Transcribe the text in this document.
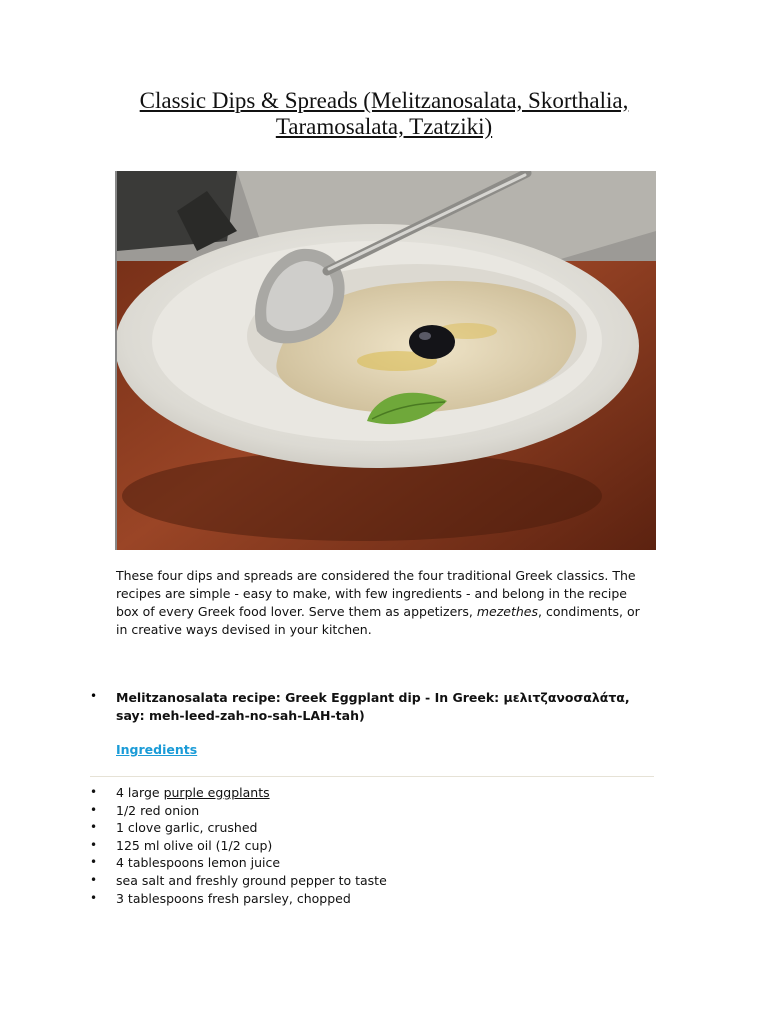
Classic Dips & Spreads (Melitzanosalata, Skorthalia, Taramosalata, Tzatziki)
These four dips and spreads are considered the four traditional Greek classics. The recipes are simple - easy to make, with few ingredients - and belong in the recipe box of every Greek food lover. Serve them as appetizers, mezethes, condiments, or in creative ways devised in your kitchen.
• Melitzanosalata recipe: Greek Eggplant dip - In Greek: μελιτζανοσαλάτα, say: meh-leed-zah-no-sah-LAH-tah)
Ingredients
• 4 large purple eggplants
• 1/2 red onion
• 1 clove garlic, crushed
• 125 ml olive oil (1/2 cup)
• 4 tablespoons lemon juice
• sea salt and freshly ground pepper to taste
• 3 tablespoons fresh parsley, chopped
